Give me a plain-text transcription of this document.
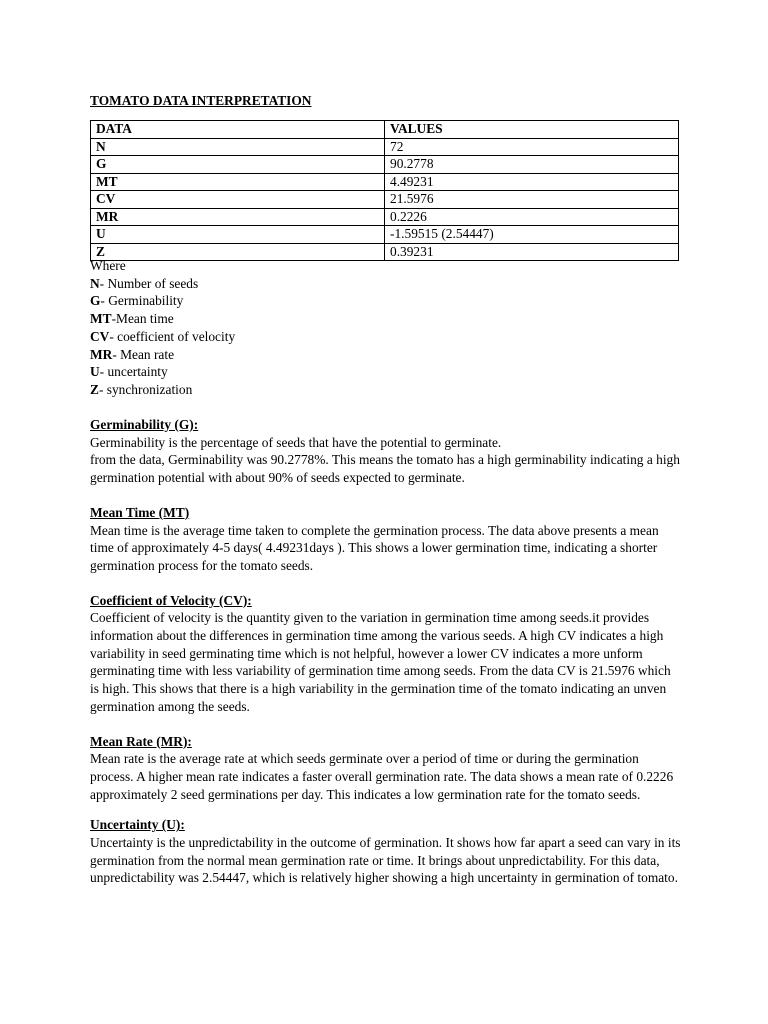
TOMATO DATA INTERPRETATION
DATA	VALUES
N	72
G	90.2778
MT	4.49231
CV	21.5976
MR	0.2226
U	-1.59515 (2.54447)
Z	0.39231
Where
N- Number of seeds
G- Germinability
MT-Mean time
CV- coefficient of velocity
MR- Mean rate
U- uncertainty
Z- synchronization
Germinability (G):

Germinability is the percentage of seeds that have the potential to germinate.

from the data, Germinability was 90.2778%. This means the tomato has a high germinability indicating a high germination potential with about 90% of seeds expected to germinate.

Mean Time (MT)

Mean time is the average time taken to complete the germination process. The data above presents a mean time of approximately 4-5 days( 4.49231days ). This shows a lower germination time, indicating a shorter germination process for the tomato seeds.

Coefficient of Velocity (CV):

Coefficient of velocity is the quantity given to the variation in germination time among seeds.it provides information about the differences in germination time among the various seeds. A high CV indicates a high variability in seed germinating time which is not helpful, however a lower CV indicates a more unform germinating time with less variability of germination time among seeds. From the data CV is 21.5976 which is high. This shows that there is a high variability in the germination time of the tomato indicating an unven germination among the seeds.

Mean Rate (MR):

Mean rate is the average rate at which seeds germinate over a period of time or during the germination process. A higher mean rate indicates a faster overall germination rate. The data shows a mean rate of 0.2226 approximately 2 seed germinations per day. This indicates a low germination rate for the tomato seeds.

Uncertainty (U):

Uncertainty is the unpredictability in the outcome of germination. It shows how far apart a seed can vary in its germination from the normal mean germination rate or time. It brings about unpredictability. For this data, unpredictability was 2.54447, which is relatively higher showing a high uncertainty in germination of tomato.
